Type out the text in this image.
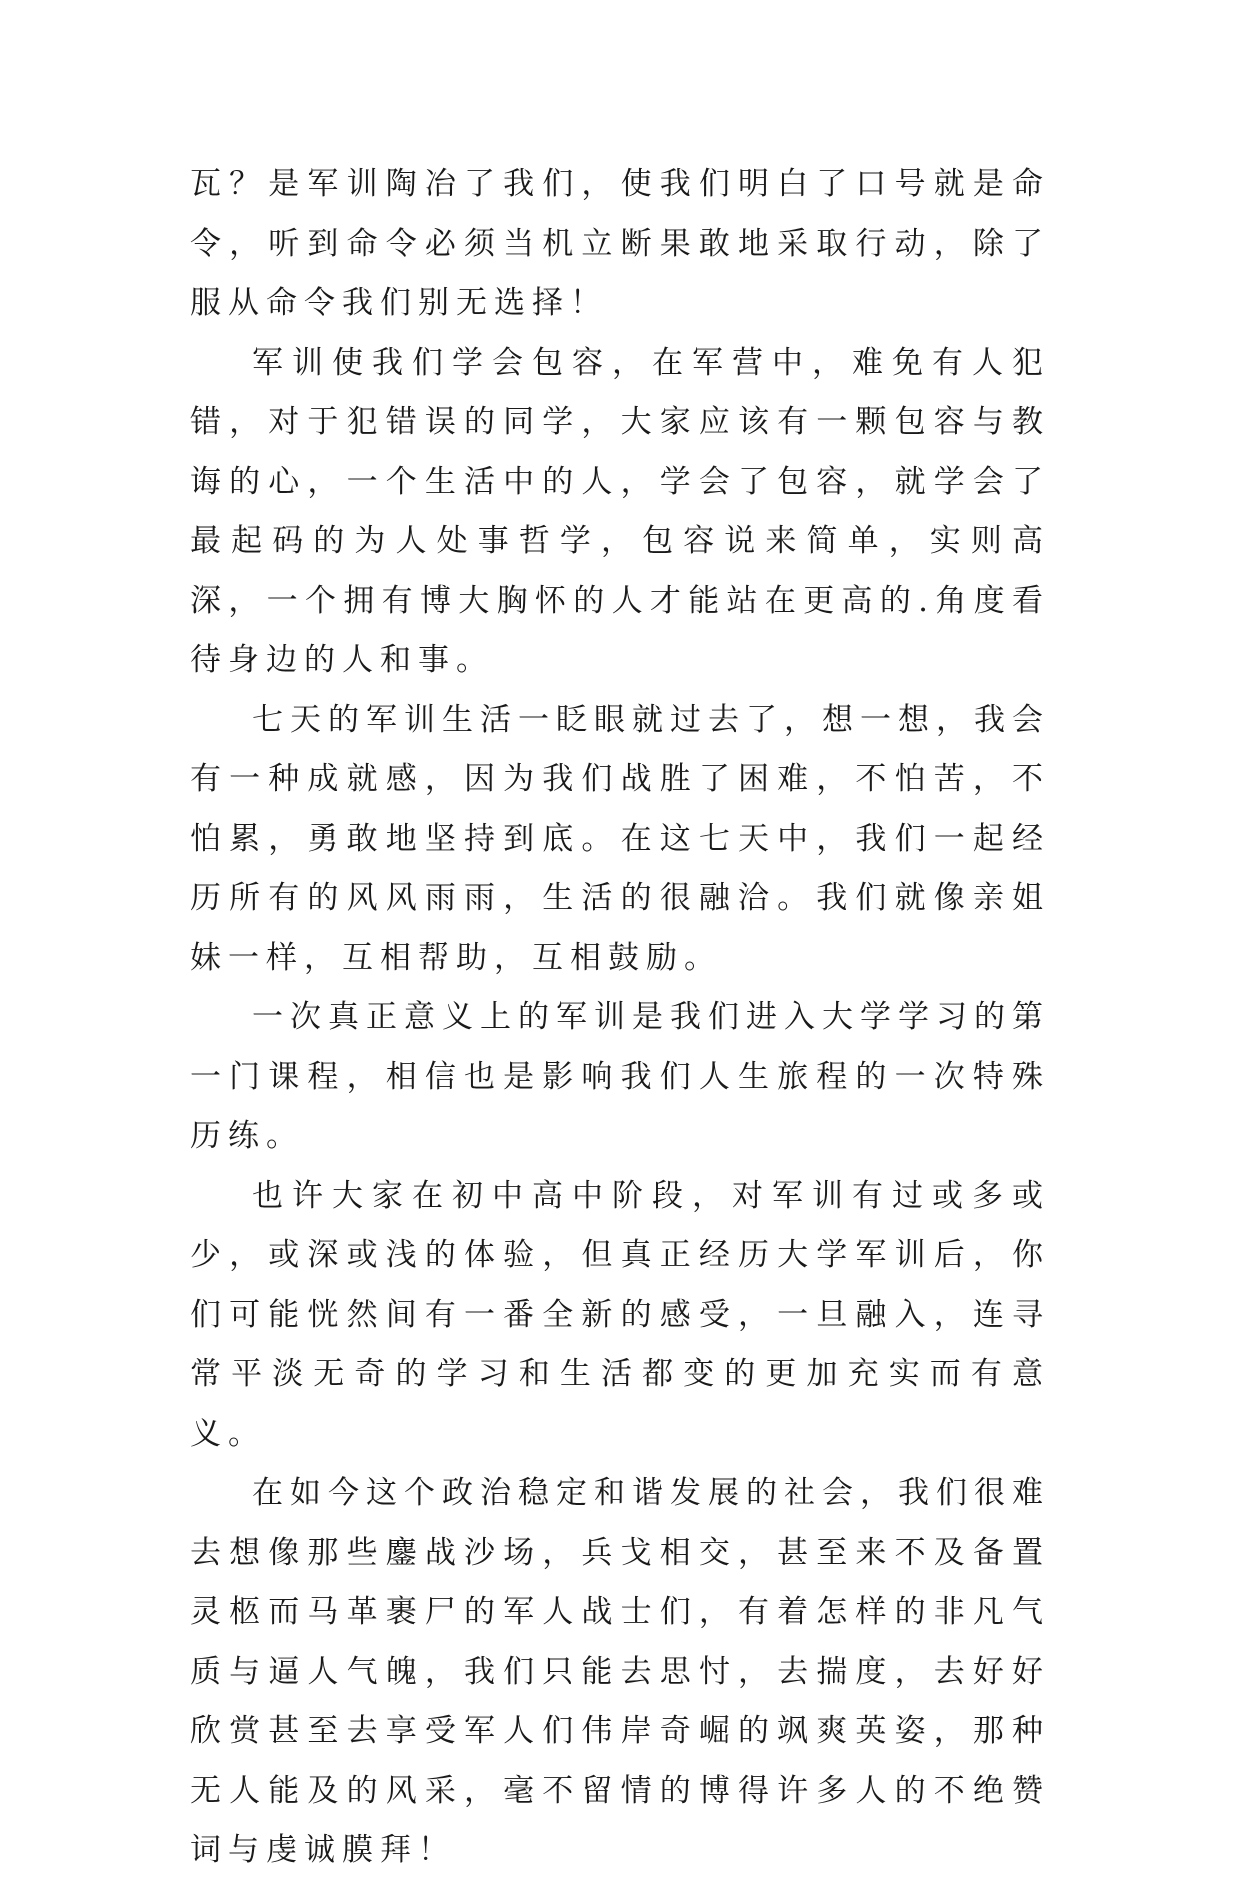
瓦？是军训陶冶了我们，使我们明白了口号就是命令，听到命令必须当机立断果敢地采取行动，除了服从命令我们别无选择！

军训使我们学会包容，在军营中，难免有人犯错，对于犯错误的同学，大家应该有一颗包容与教诲的心，一个生活中的人，学会了包容，就学会了最起码的为人处事哲学，包容说来简单，实则高深，一个拥有博大胸怀的人才能站在更高的.角度看待身边的人和事。

七天的军训生活一眨眼就过去了，想一想，我会有一种成就感，因为我们战胜了困难，不怕苦，不怕累，勇敢地坚持到底。在这七天中，我们一起经历所有的风风雨雨，生活的很融洽。我们就像亲姐妹一样，互相帮助，互相鼓励。

一次真正意义上的军训是我们进入大学学习的第一门课程，相信也是影响我们人生旅程的一次特殊历练。

也许大家在初中高中阶段，对军训有过或多或少，或深或浅的体验，但真正经历大学军训后，你们可能恍然间有一番全新的感受，一旦融入，连寻常平淡无奇的学习和生活都变的更加充实而有意义。

在如今这个政治稳定和谐发展的社会，我们很难去想像那些鏖战沙场，兵戈相交，甚至来不及备置灵柩而马革裹尸的军人战士们，有着怎样的非凡气质与逼人气魄，我们只能去思忖，去揣度，去好好欣赏甚至去享受军人们伟岸奇崛的飒爽英姿，那种无人能及的风采，毫不留情的博得许多人的不绝赞词与虔诚膜拜！
